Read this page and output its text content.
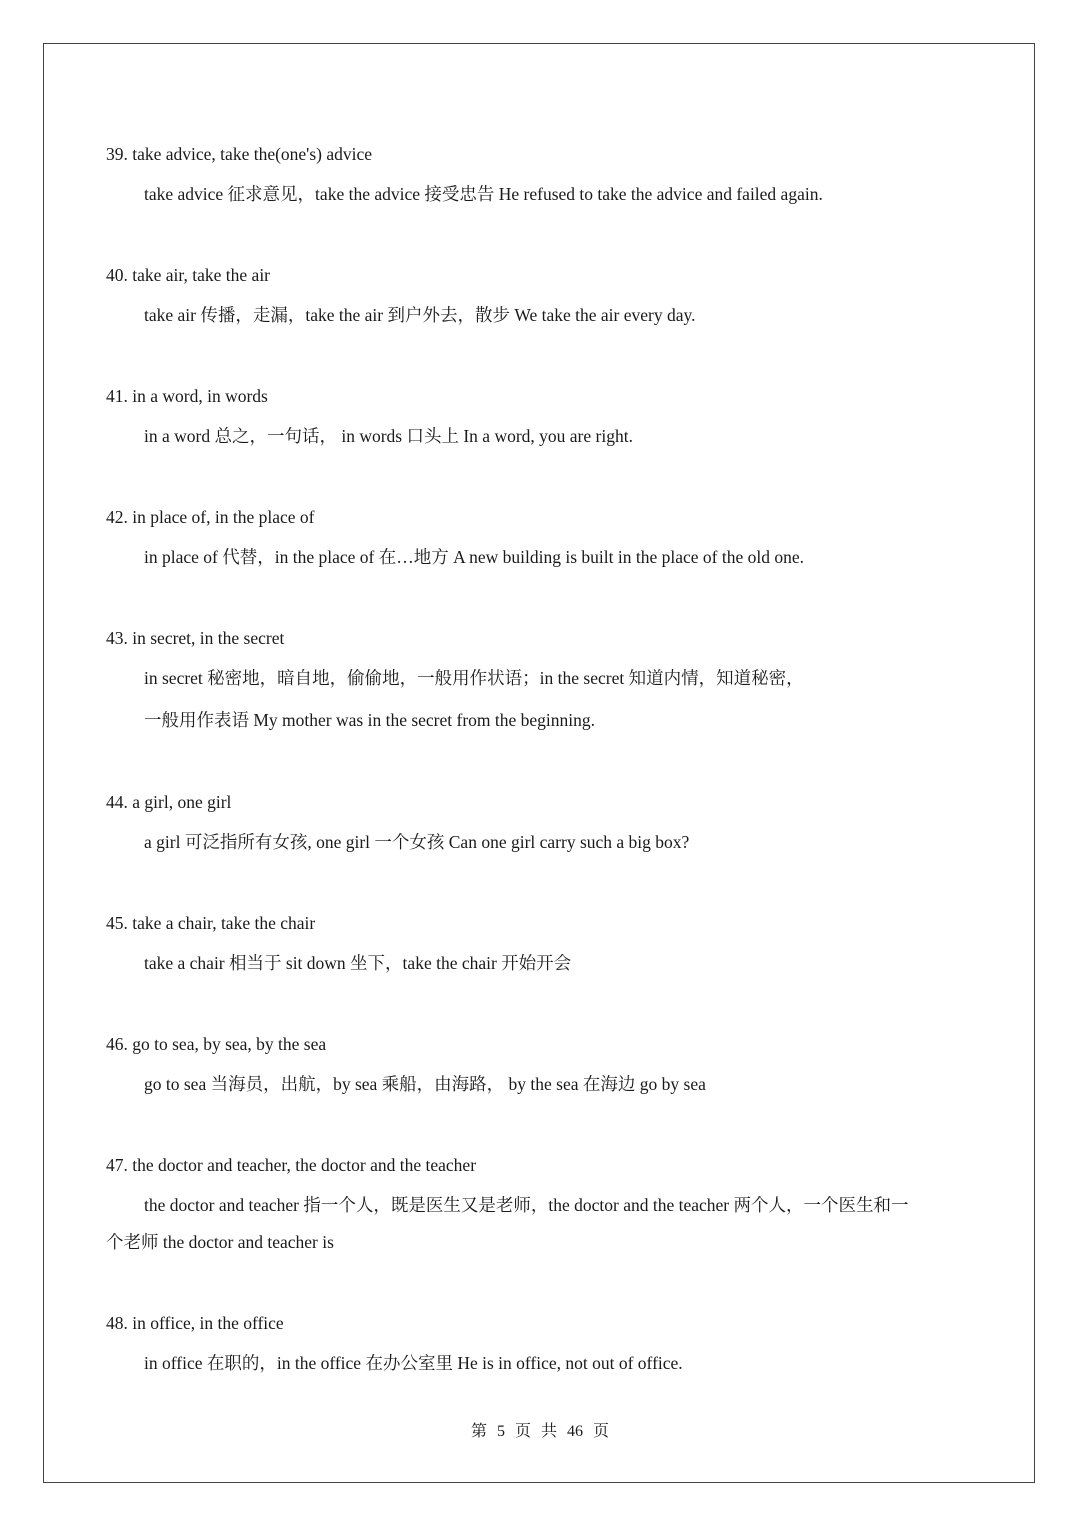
39. take advice, take the(one's) advice

take advice 征求意见，take the advice 接受忠告 He refused to take the advice and failed again.

40. take air, take the air

take air 传播，走漏，take the air 到户外去，散步 We take the air every day.

41. in a word, in words

in a word 总之，一句话， in words 口头上 In a word, you are right.

42. in place of, in the place of

in place of 代替，in the place of 在…地方 A new building is built in the place of the old one.

43. in secret, in the secret

in secret 秘密地，暗自地，偷偷地，一般用作状语；in the secret 知道内情，知道秘密，

一般用作表语 My mother was in the secret from the beginning.

44. a girl, one girl

a girl 可泛指所有女孩, one girl 一个女孩 Can one girl carry such a big box?

45. take a chair, take the chair

take a chair 相当于 sit down 坐下，take the chair 开始开会

46. go to sea, by sea, by the sea

go to sea 当海员，出航，by sea 乘船，由海路， by the sea 在海边 go by sea

47. the doctor and teacher, the doctor and the teacher

the doctor and teacher 指一个人，既是医生又是老师，the doctor and the teacher 两个人，一个医生和一

个老师 the doctor and teacher is

48. in office, in the office

in office 在职的，in the office 在办公室里 He is in office, not out of office.

第 5 页 共 46 页
